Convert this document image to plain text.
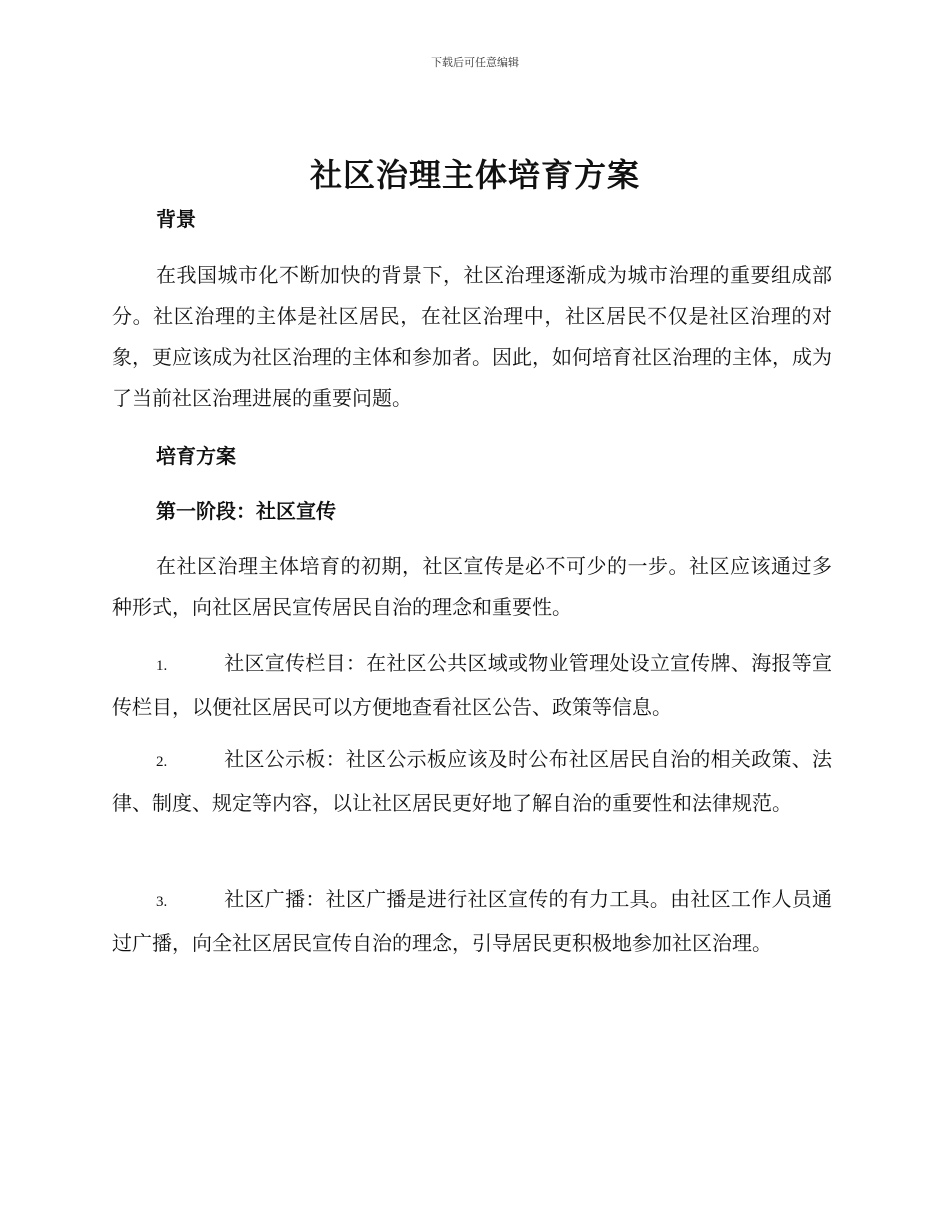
下载后可任意编辑
社区治理主体培育方案
背景

在我国城市化不断加快的背景下，社区治理逐渐成为城市治理的重要组成部分。社区治理的主体是社区居民，在社区治理中，社区居民不仅是社区治理的对象，更应该成为社区治理的主体和参加者。因此，如何培育社区治理的主体，成为了当前社区治理进展的重要问题。

培育方案
第一阶段：社区宣传

在社区治理主体培育的初期，社区宣传是必不可少的一步。社区应该通过多种形式，向社区居民宣传居民自治的理念和重要性。

1.	社区宣传栏目：在社区公共区域或物业管理处设立宣传牌、海报等宣传栏目，以便社区居民可以方便地查看社区公告、政策等信息。

2.	社区公示板：社区公示板应该及时公布社区居民自治的相关政策、法律、制度、规定等内容，以让社区居民更好地了解自治的重要性和法律规范。

3.	社区广播：社区广播是进行社区宣传的有力工具。由社区工作人员通过广播，向全社区居民宣传自治的理念，引导居民更积极地参加社区治理。
